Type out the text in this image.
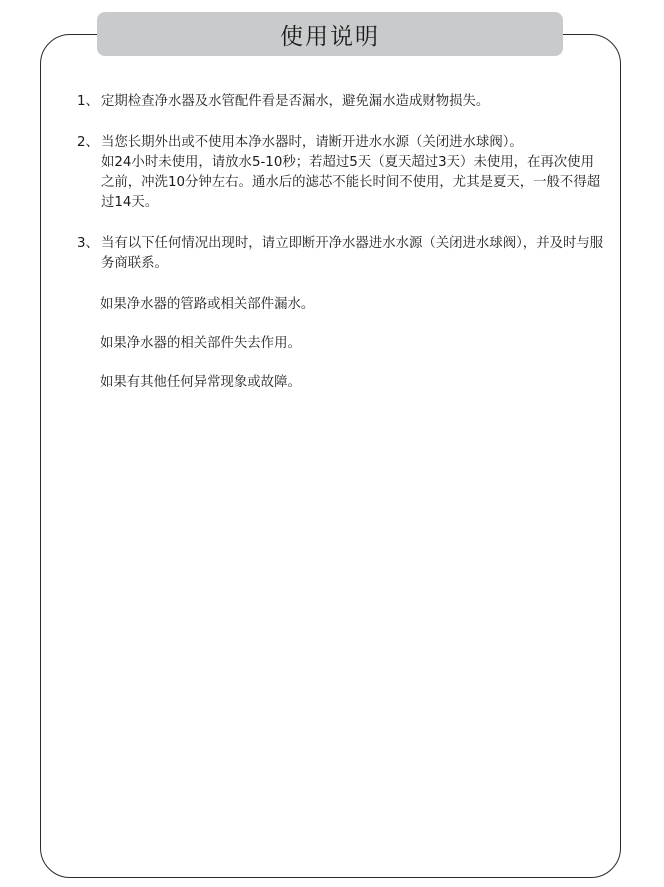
使用说明
1、 定期检查净水器及水管配件看是否漏水，避免漏水造成财物损失。

2、 当您长期外出或不使用本净水器时，请断开进水水源（关闭进水球阀）。

如24小时未使用，请放水5-10秒；若超过5天（夏天超过3天）未使用，在再次使用之前，冲洗10分钟左右。通水后的滤芯不能长时间不使用，尤其是夏天，一般不得超过14天。

3、 当有以下任何情况出现时，请立即断开净水器进水水源（关闭进水球阀），并及时与服务商联系。

如果净水器的管路或相关部件漏水。

如果净水器的相关部件失去作用。

如果有其他任何异常现象或故障。
